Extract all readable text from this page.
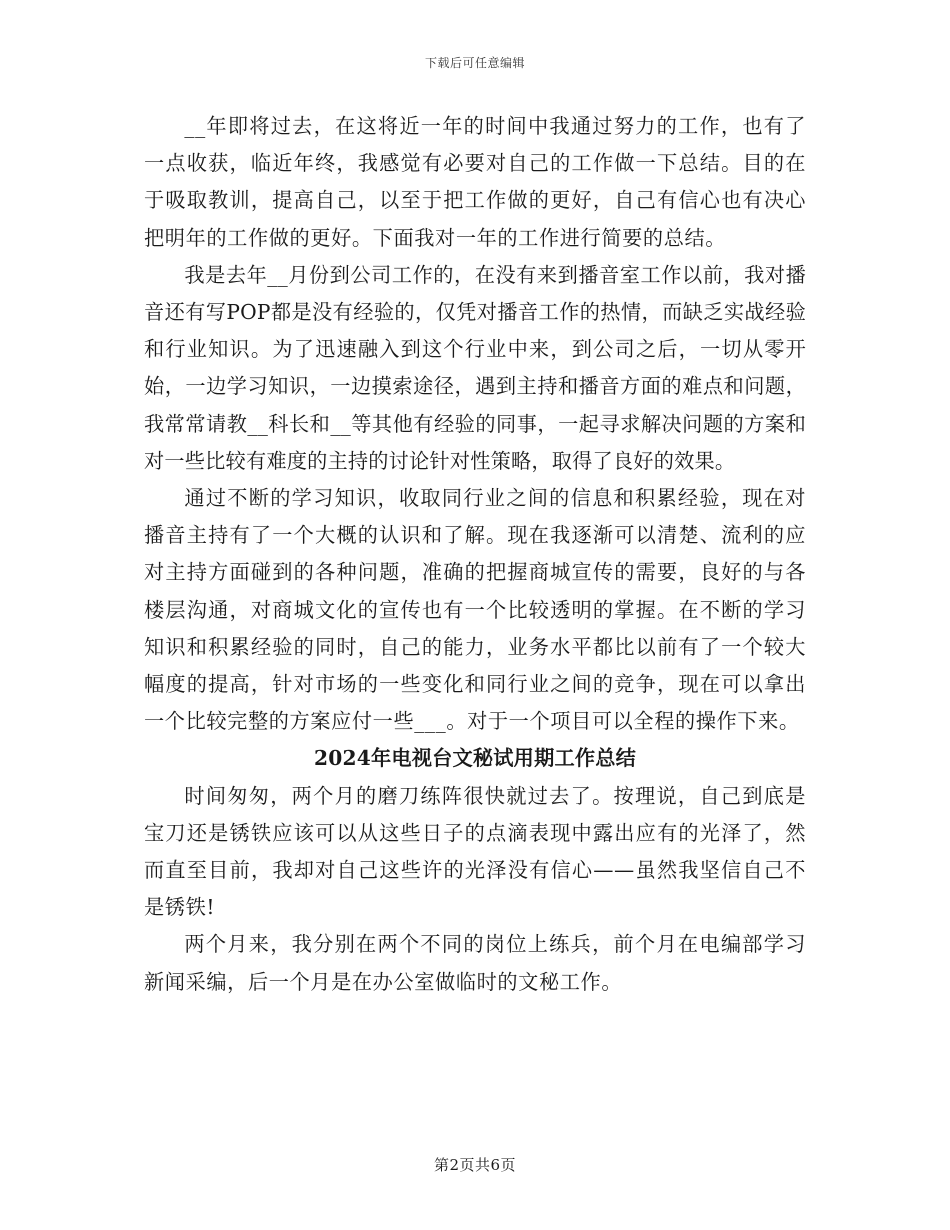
下载后可任意编辑

__年即将过去，在这将近一年的时间中我通过努力的工作，也有了一点收获，临近年终，我感觉有必要对自己的工作做一下总结。目的在于吸取教训，提高自己，以至于把工作做的更好，自己有信心也有决心把明年的工作做的更好。下面我对一年的工作进行简要的总结。

我是去年__月份到公司工作的，在没有来到播音室工作以前，我对播音还有写POP都是没有经验的，仅凭对播音工作的热情，而缺乏实战经验和行业知识。为了迅速融入到这个行业中来，到公司之后，一切从零开始，一边学习知识，一边摸索途径，遇到主持和播音方面的难点和问题，我常常请教__科长和__等其他有经验的同事，一起寻求解决问题的方案和对一些比较有难度的主持的讨论针对性策略，取得了良好的效果。

通过不断的学习知识，收取同行业之间的信息和积累经验，现在对播音主持有了一个大概的认识和了解。现在我逐渐可以清楚、流利的应对主持方面碰到的各种问题，准确的把握商城宣传的需要，良好的与各楼层沟通，对商城文化的宣传也有一个比较透明的掌握。在不断的学习知识和积累经验的同时，自己的能力，业务水平都比以前有了一个较大幅度的提高，针对市场的一些变化和同行业之间的竞争，现在可以拿出一个比较完整的方案应付一些___。对于一个项目可以全程的操作下来。

2024年电视台文秘试用期工作总结

时间匆匆，两个月的磨刀练阵很快就过去了。按理说，自己到底是宝刀还是锈铁应该可以从这些日子的点滴表现中露出应有的光泽了，然而直至目前，我却对自己这些许的光泽没有信心——虽然我坚信自己不是锈铁!

两个月来，我分别在两个不同的岗位上练兵，前个月在电编部学习新闻采编，后一个月是在办公室做临时的文秘工作。

第2页共6页
